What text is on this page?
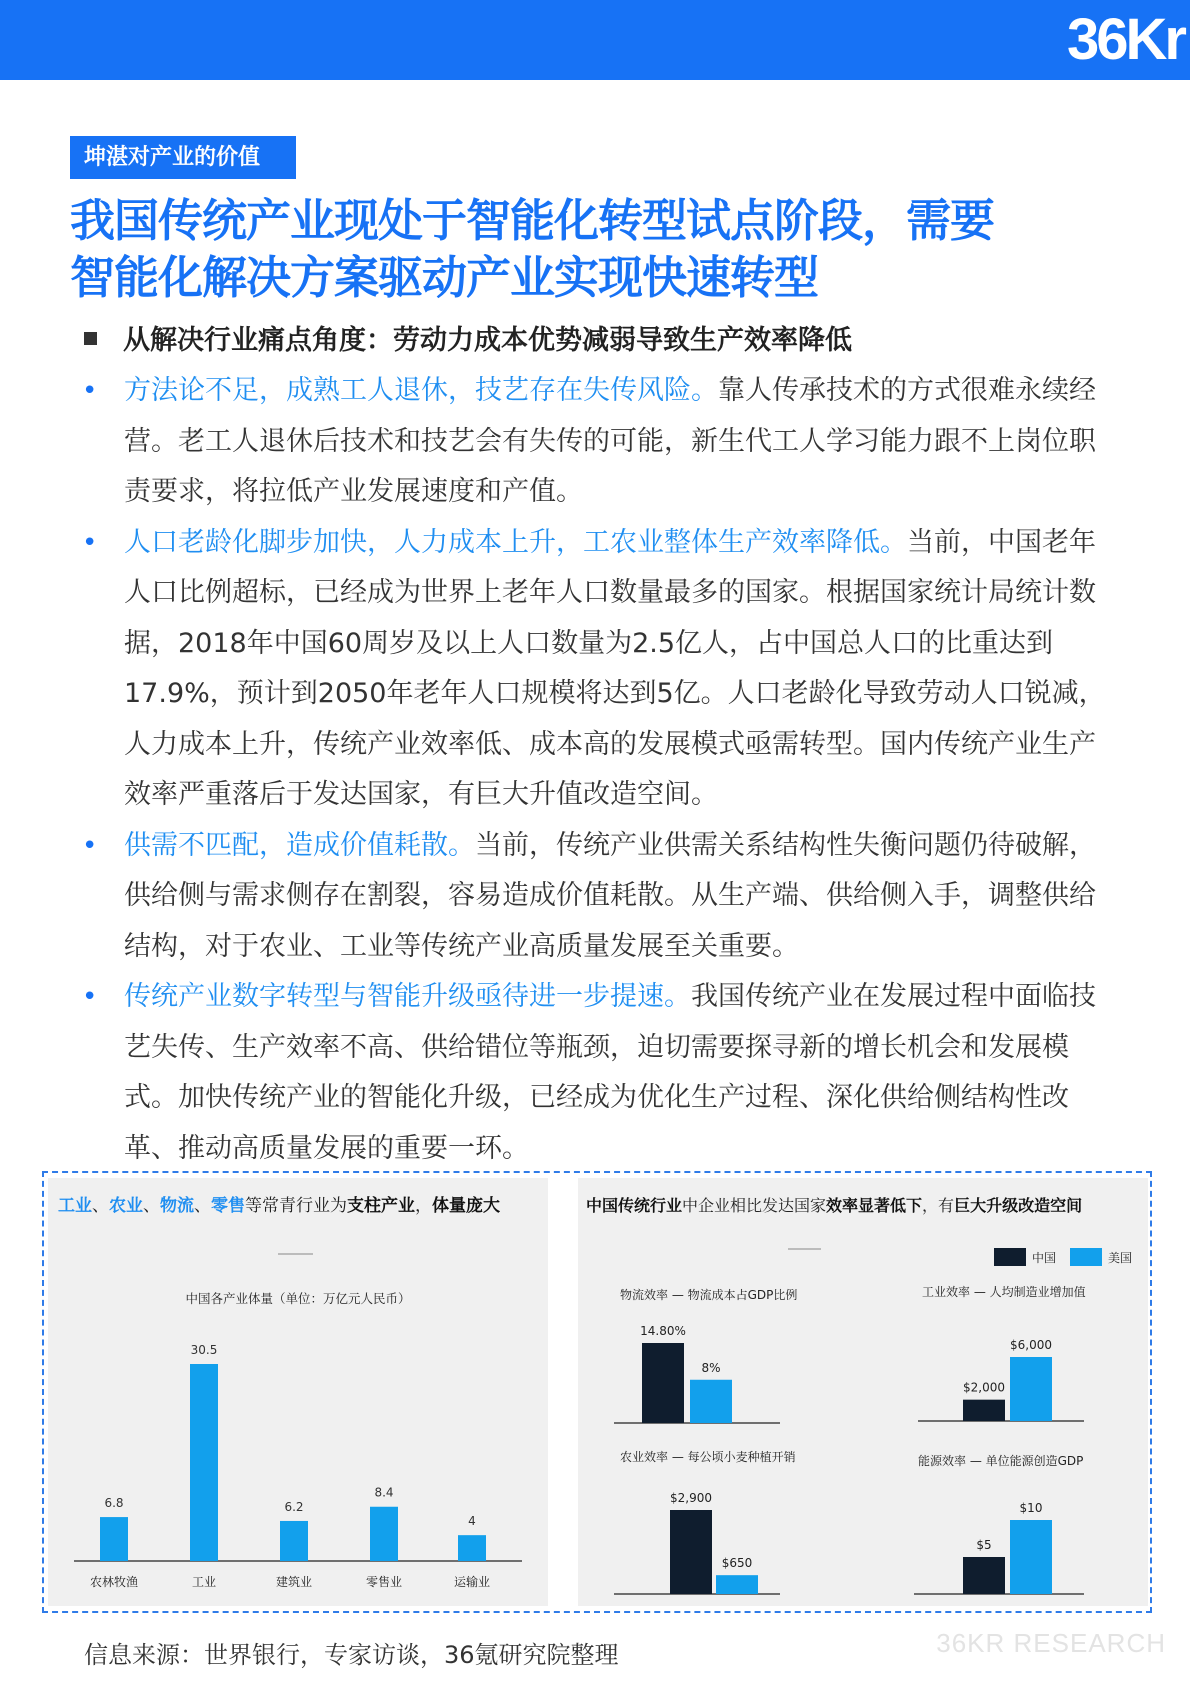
36Kr
坤湛对产业的价值
我国传统产业现处于智能化转型试点阶段，需要
智能化解决方案驱动产业实现快速转型
从解决行业痛点角度：劳动力成本优势减弱导致生产效率降低
• 方法论不足，成熟工人退休，技艺存在失传风险。靠人传承技术的方式很难永续经营。老工人退休后技术和技艺会有失传的可能，新生代工人学习能力跟不上岗位职责要求，将拉低产业发展速度和产值。
• 人口老龄化脚步加快，人力成本上升，工农业整体生产效率降低。当前，中国老年人口比例超标，已经成为世界上老年人口数量最多的国家。根据国家统计局统计数据，2018年中国60周岁及以上人口数量为2.5亿人，占中国总人口的比重达到17.9%，预计到2050年老年人口规模将达到5亿。人口老龄化导致劳动人口锐减，人力成本上升，传统产业效率低、成本高的发展模式亟需转型。国内传统产业生产效率严重落后于发达国家，有巨大升值改造空间。
• 供需不匹配，造成价值耗散。当前，传统产业供需关系结构性失衡问题仍待破解，供给侧与需求侧存在割裂，容易造成价值耗散。从生产端、供给侧入手，调整供给结构，对于农业、工业等传统产业高质量发展至关重要。
• 传统产业数字转型与智能升级亟待进一步提速。我国传统产业在发展过程中面临技艺失传、生产效率不高、供给错位等瓶颈，迫切需要探寻新的增长机会和发展模式。加快传统产业的智能化升级，已经成为优化生产过程、深化供给侧结构性改革、推动高质量发展的重要一环。
工业、农业、物流、零售等常青行业为支柱产业，体量庞大
中国各产业体量（单位：万亿元人民币）
6.8
农林牧渔
30.5
工业
6.2
建筑业
8.4
零售业
4
运输业
中国传统行业中企业相比发达国家效率显著低下，有巨大升级改造空间
中国	美国
物流效率 — 物流成本占GDP比例
14.80%
8%
工业效率 — 人均制造业增加值
$2,000
$6,000
农业效率 — 每公顷小麦种植开销
$2,900
$650
能源效率 — 单位能源创造GDP
$5
$10
信息来源：世界银行，专家访谈，36氪研究院整理	36KR RESEARCH
